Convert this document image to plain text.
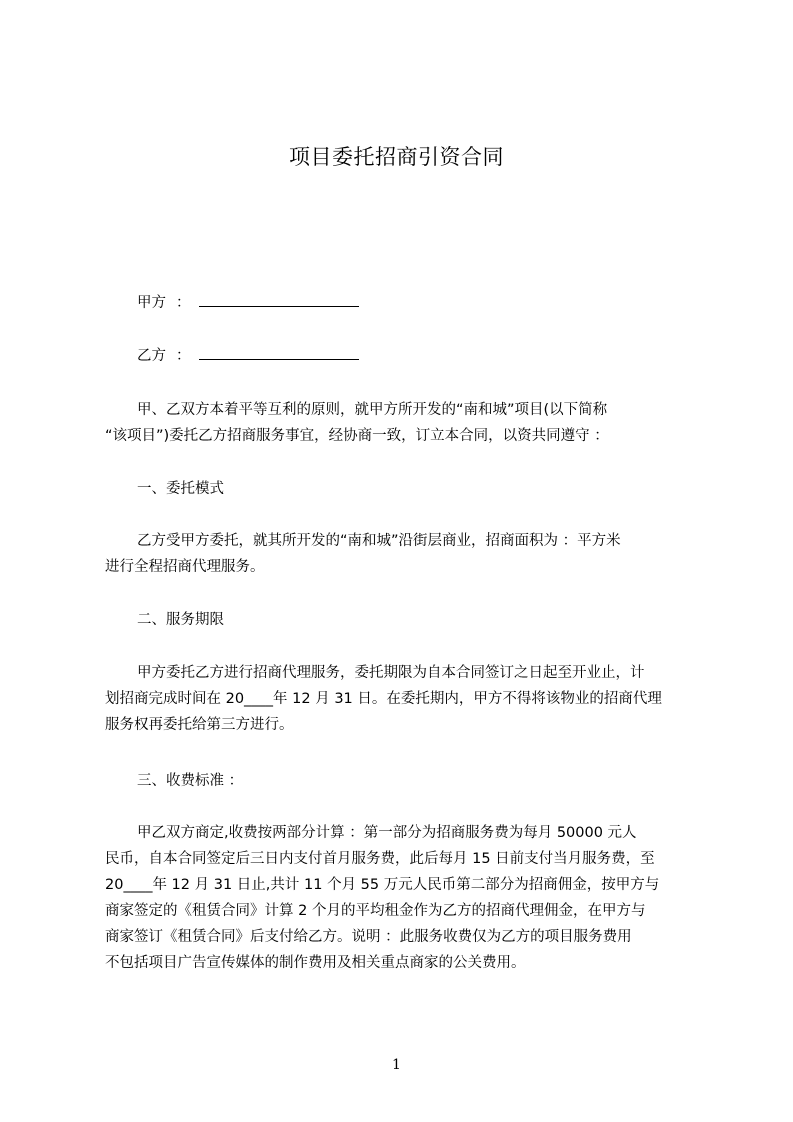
项目委托招商引资合同
甲方 ：
乙方 ：
甲、乙双方本着平等互利的原则，就甲方所开发的“南和城”项目(以下简称
“该项目”)委托乙方招商服务事宜，经协商一致，订立本合同，以资共同遵守 ：
一、委托模式
乙方受甲方委托，就其所开发的“南和城”沿街层商业，招商面积为 ：平方米
进行全程招商代理服务。
二、服务期限
甲方委托乙方进行招商代理服务，委托期限为自本合同签订之日起至开业止，计
划招商完成时间在 20____年 12 月 31 日。在委托期内，甲方不得将该物业的招商代理
服务权再委托给第三方进行。
三、收费标准 ：
甲乙双方商定,收费按两部分计算 ：第一部分为招商服务费为每月 50000 元人
民币，自本合同签定后三日内支付首月服务费，此后每月 15 日前支付当月服务费，至
20____年 12 月 31 日止,共计 11 个月 55 万元人民币第二部分为招商佣金，按甲方与
商家签定的《租赁合同》计算 2 个月的平均租金作为乙方的招商代理佣金，在甲方与
商家签订《租赁合同》后支付给乙方。说明 ：此服务收费仅为乙方的项目服务费用
不包括项目广告宣传媒体的制作费用及相关重点商家的公关费用。
1
